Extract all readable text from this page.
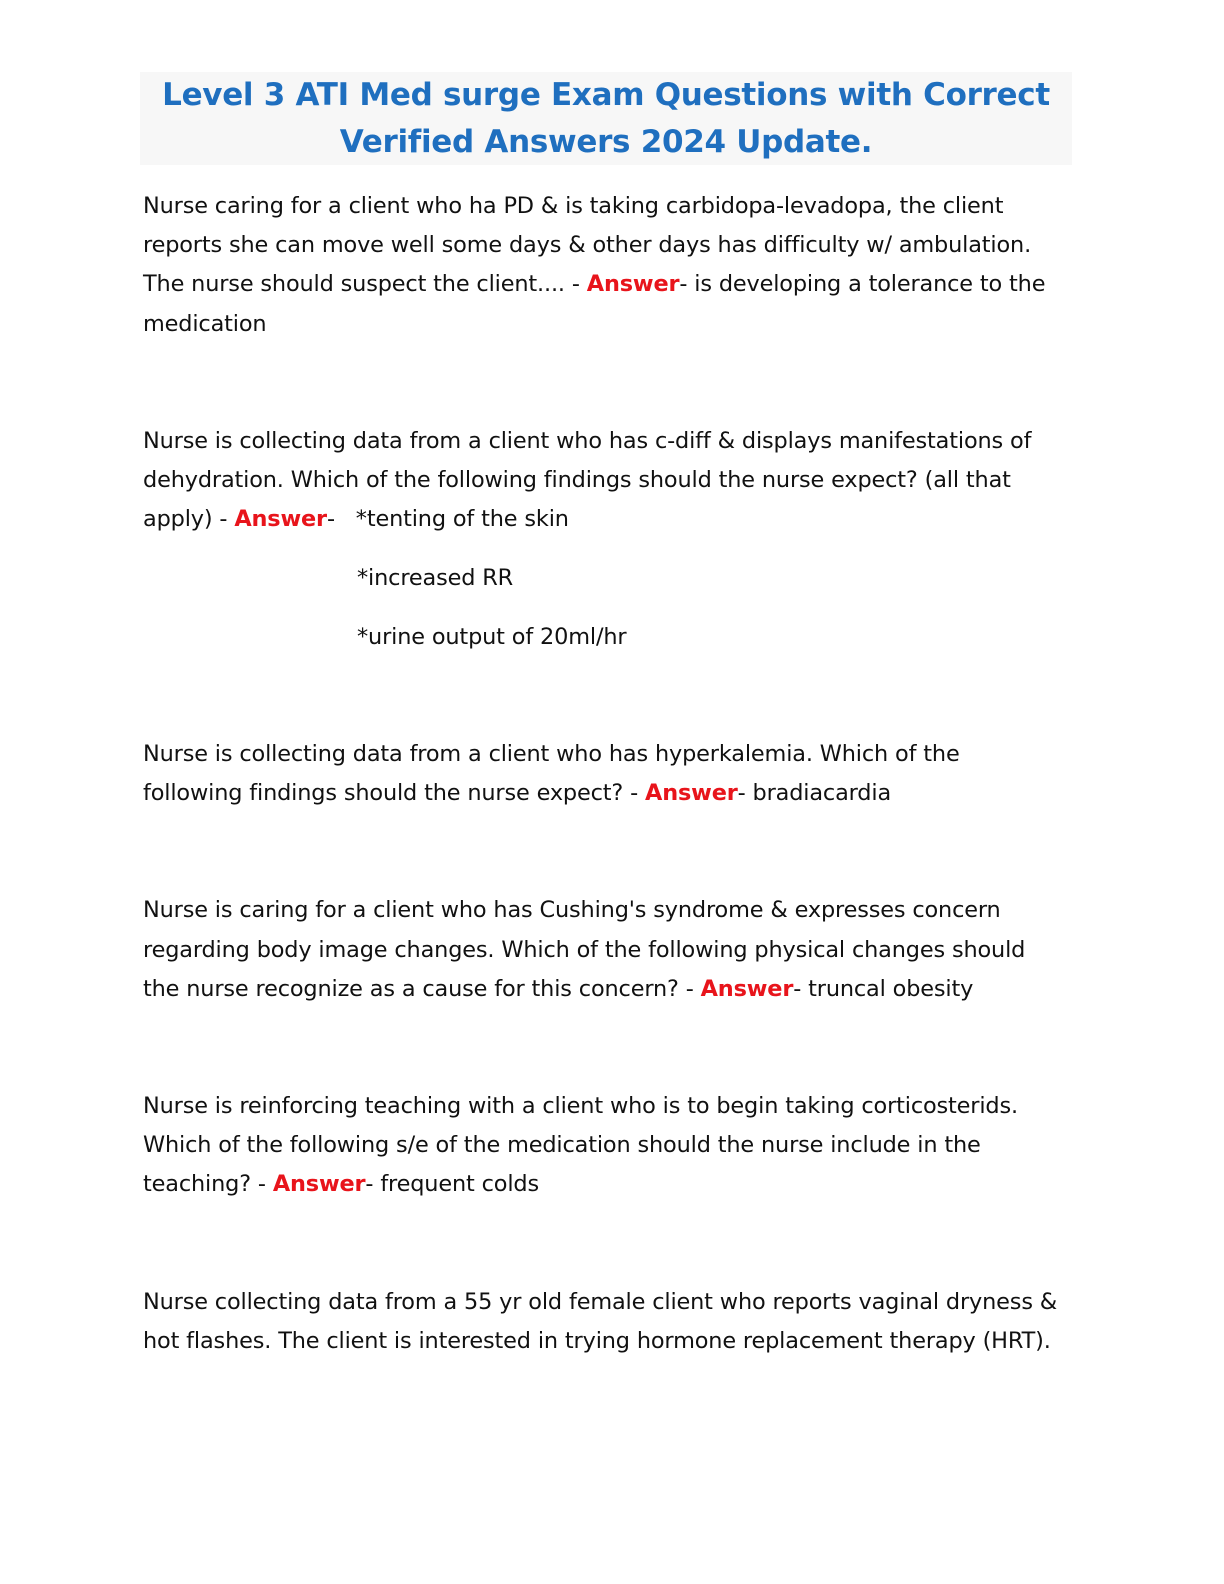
Level 3 ATI Med surge Exam Questions with Correct
Verified Answers 2024 Update.

Nurse caring for a client who ha PD & is taking carbidopa-levadopa, the client
reports she can move well some days & other days has difficulty w/ ambulation.
The nurse should suspect the client.... - Answer- is developing a tolerance to the
medication

Nurse is collecting data from a client who has c-diff & displays manifestations of
dehydration. Which of the following findings should the nurse expect? (all that
apply) - Answer-   *tenting of the skin
*increased RR
*urine output of 20ml/hr

Nurse is collecting data from a client who has hyperkalemia. Which of the
following findings should the nurse expect? - Answer- bradiacardia

Nurse is caring for a client who has Cushing's syndrome & expresses concern
regarding body image changes. Which of the following physical changes should
the nurse recognize as a cause for this concern? - Answer- truncal obesity

Nurse is reinforcing teaching with a client who is to begin taking corticosterids.
Which of the following s/e of the medication should the nurse include in the
teaching? - Answer- frequent colds

Nurse collecting data from a 55 yr old female client who reports vaginal dryness &
hot flashes. The client is interested in trying hormone replacement therapy (HRT).
